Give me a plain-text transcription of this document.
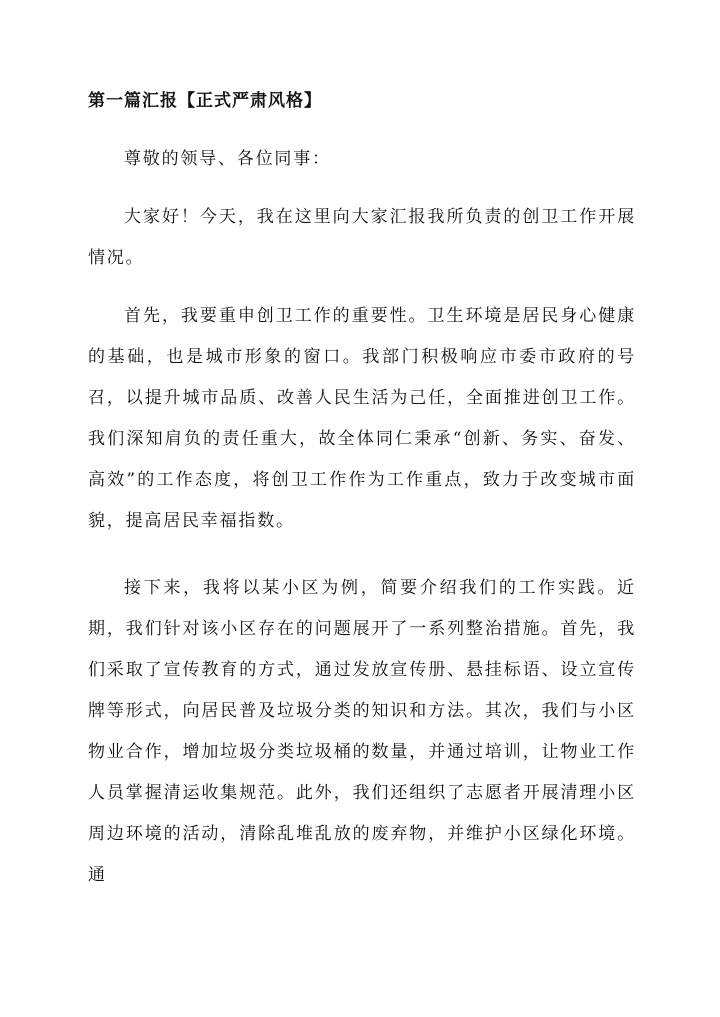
第一篇汇报【正式严肃风格】

尊敬的领导、各位同事：

大家好！今天，我在这里向大家汇报我所负责的创卫工作开展情况。

首先，我要重申创卫工作的重要性。卫生环境是居民身心健康的基础，也是城市形象的窗口。我部门积极响应市委市政府的号召，以提升城市品质、改善人民生活为己任，全面推进创卫工作。我们深知肩负的责任重大，故全体同仁秉承“创新、务实、奋发、高效”的工作态度，将创卫工作作为工作重点，致力于改变城市面貌，提高居民幸福指数。

接下来，我将以某小区为例，简要介绍我们的工作实践。近期，我们针对该小区存在的问题展开了一系列整治措施。首先，我们采取了宣传教育的方式，通过发放宣传册、悬挂标语、设立宣传牌等形式，向居民普及垃圾分类的知识和方法。其次，我们与小区物业合作，增加垃圾分类垃圾桶的数量，并通过培训，让物业工作人员掌握清运收集规范。此外，我们还组织了志愿者开展清理小区周边环境的活动，清除乱堆乱放的废弃物，并维护小区绿化环境。通
